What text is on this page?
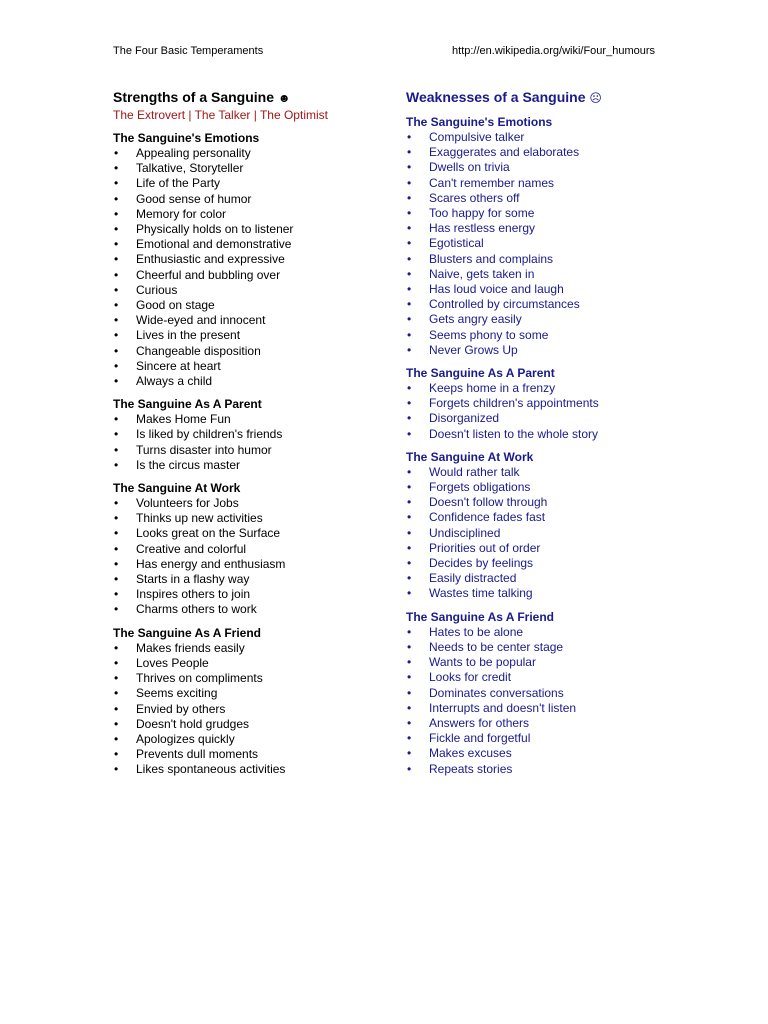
The Four Basic Temperaments	http://en.wikipedia.org/wiki/Four_humours
Strengths of a Sanguine ☻

The Extrovert | The Talker | The Optimist

The Sanguine's Emotions
• Appealing personality
• Talkative, Storyteller
• Life of the Party
• Good sense of humor
• Memory for color
• Physically holds on to listener
• Emotional and demonstrative
• Enthusiastic and expressive
• Cheerful and bubbling over
• Curious
• Good on stage
• Wide-eyed and innocent
• Lives in the present
• Changeable disposition
• Sincere at heart
• Always a child
The Sanguine As A Parent
• Makes Home Fun
• Is liked by children's friends
• Turns disaster into humor
• Is the circus master
The Sanguine At Work
• Volunteers for Jobs
• Thinks up new activities
• Looks great on the Surface
• Creative and colorful
• Has energy and enthusiasm
• Starts in a flashy way
• Inspires others to join
• Charms others to work
The Sanguine As A Friend
• Makes friends easily
• Loves People
• Thrives on compliments
• Seems exciting
• Envied by others
• Doesn't hold grudges
• Apologizes quickly
• Prevents dull moments
• Likes spontaneous activities
Weaknesses of a Sanguine ☹
The Sanguine's Emotions
• Compulsive talker
• Exaggerates and elaborates
• Dwells on trivia
• Can't remember names
• Scares others off
• Too happy for some
• Has restless energy
• Egotistical
• Blusters and complains
• Naive, gets taken in
• Has loud voice and laugh
• Controlled by circumstances
• Gets angry easily
• Seems phony to some
• Never Grows Up
The Sanguine As A Parent
• Keeps home in a frenzy
• Forgets children's appointments
• Disorganized
• Doesn't listen to the whole story
The Sanguine At Work
• Would rather talk
• Forgets obligations
• Doesn't follow through
• Confidence fades fast
• Undisciplined
• Priorities out of order
• Decides by feelings
• Easily distracted
• Wastes time talking
The Sanguine As A Friend
• Hates to be alone
• Needs to be center stage
• Wants to be popular
• Looks for credit
• Dominates conversations
• Interrupts and doesn't listen
• Answers for others
• Fickle and forgetful
• Makes excuses
• Repeats stories
